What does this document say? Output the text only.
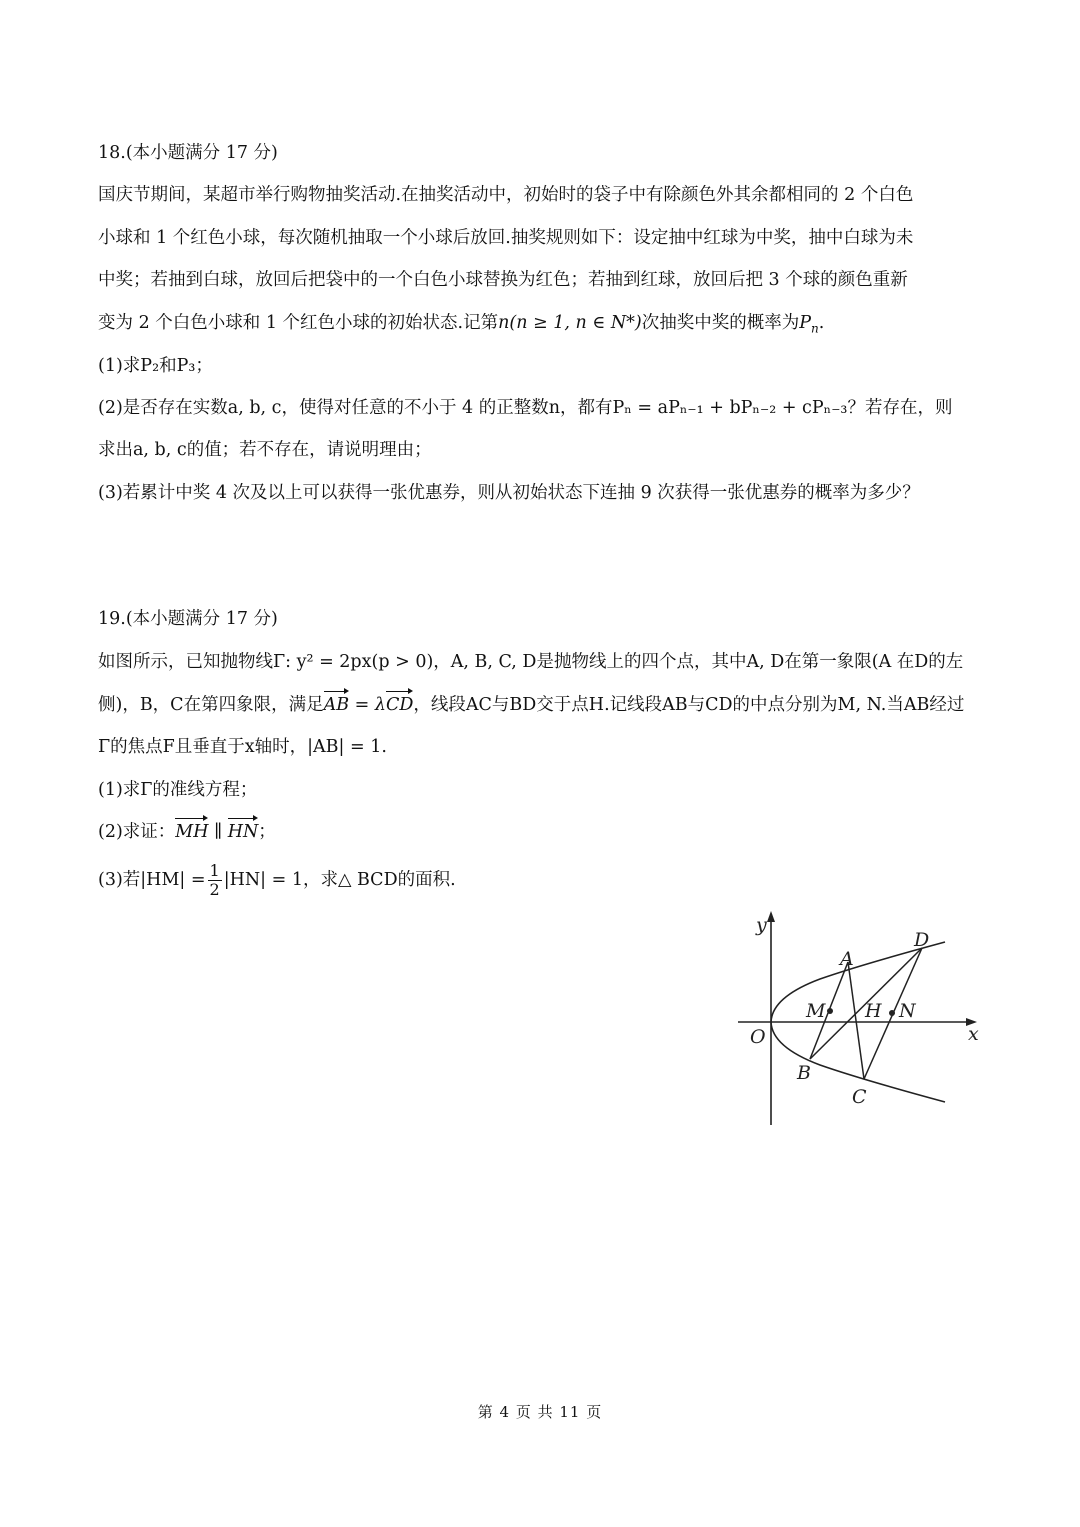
18.(本小题满分 17 分)
国庆节期间，某超市举行购物抽奖活动.在抽奖活动中，初始时的袋子中有除颜色外其余都相同的 2 个白色
小球和 1 个红色小球，每次随机抽取一个小球后放回.抽奖规则如下：设定抽中红球为中奖，抽中白球为未
中奖；若抽到白球，放回后把袋中的一个白色小球替换为红色；若抽到红球，放回后把 3 个球的颜色重新
变为 2 个白色小球和 1 个红色小球的初始状态.记第n(n ≥ 1, n ∈ N*)次抽奖中奖的概率为$P_n$.
(1)求P₂和P₃；
(2)是否存在实数a, b, c，使得对任意的不小于 4 的正整数n，都有Pₙ = aPₙ₋₁ + bPₙ₋₂ + cPₙ₋₃？若存在，则
求出a, b, c的值；若不存在，请说明理由；
(3)若累计中奖 4 次及以上可以获得一张优惠券，则从初始状态下连抽 9 次获得一张优惠券的概率为多少？
19.(本小题满分 17 分)
如图所示，已知抛物线Γ: y² = 2px(p > 0)，A, B, C, D是抛物线上的四个点，其中A, D在第一象限(A 在D的左
侧)，B，C在第四象限，满足AB = λCD，线段AC与BD交于点H.记线段AB与CD的中点分别为M, N.当AB经过
Γ的焦点F且垂直于x轴时，|AB| = 1.
(1)求Γ的准线方程；
(2)求证：MH ∥ HN；
(3)若$|HM| = \frac{1}{2} |HN| = 1$，求△ BCD的面积.
y
x
O
A
B
C
D
M H N
第 4 页 共 11 页
